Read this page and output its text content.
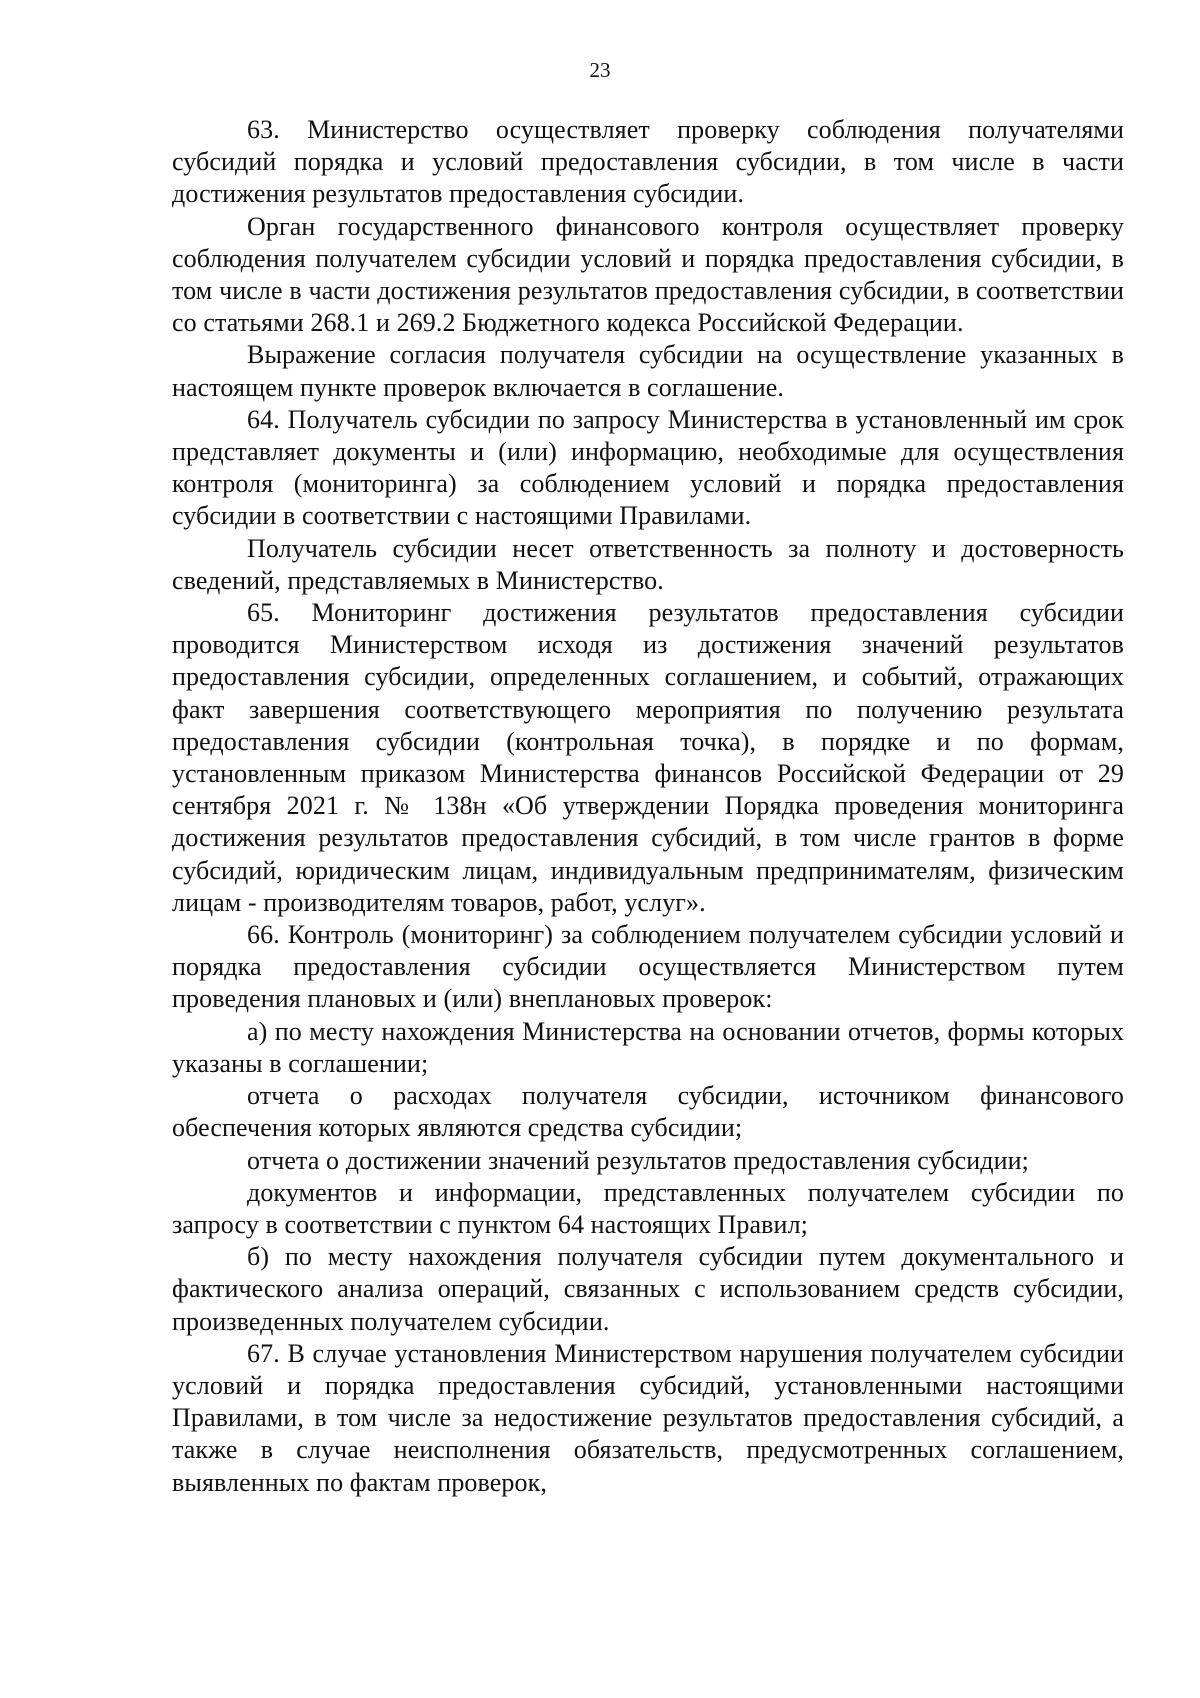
23

63. Министерство осуществляет проверку соблюдения получателями субсидий порядка и условий предоставления субсидии, в том числе в части достижения результатов предоставления субсидии.

Орган государственного финансового контроля осуществляет проверку соблюдения получателем субсидии условий и порядка предоставления субсидии, в том числе в части достижения результатов предоставления субсидии, в соответствии со статьями 268.1 и 269.2 Бюджетного кодекса Российской Федерации.

Выражение согласия получателя субсидии на осуществление указанных в настоящем пункте проверок включается в соглашение.

64. Получатель субсидии по запросу Министерства в установленный им срок представляет документы и (или) информацию, необходимые для осуществления контроля (мониторинга) за соблюдением условий и порядка предоставления субсидии в соответствии с настоящими Правилами.

Получатель субсидии несет ответственность за полноту и достоверность сведений, представляемых в Министерство.

65. Мониторинг достижения результатов предоставления субсидии проводится Министерством исходя из достижения значений результатов предоставления субсидии, определенных соглашением, и событий, отражающих факт завершения соответствующего мероприятия по получению результата предоставления субсидии (контрольная точка), в порядке и по формам, установленным приказом Министерства финансов Российской Федерации от 29 сентября 2021 г. № 138н «Об утверждении Порядка проведения мониторинга достижения результатов предоставления субсидий, в том числе грантов в форме субсидий, юридическим лицам, индивидуальным предпринимателям, физическим лицам - производителям товаров, работ, услуг».

66. Контроль (мониторинг) за соблюдением получателем субсидии условий и порядка предоставления субсидии осуществляется Министерством путем проведения плановых и (или) внеплановых проверок:

а) по месту нахождения Министерства на основании отчетов, формы которых указаны в соглашении;

отчета о расходах получателя субсидии, источником финансового обеспечения которых являются средства субсидии;

отчета о достижении значений результатов предоставления субсидии;

документов и информации, представленных получателем субсидии по запросу в соответствии с пунктом 64 настоящих Правил;

б) по месту нахождения получателя субсидии путем документального и фактического анализа операций, связанных с использованием средств субсидии, произведенных получателем субсидии.

67. В случае установления Министерством нарушения получателем субсидии условий и порядка предоставления субсидий, установленными настоящими Правилами, в том числе за недостижение результатов предоставления субсидий, а также в случае неисполнения обязательств, предусмотренных соглашением, выявленных по фактам проверок,
